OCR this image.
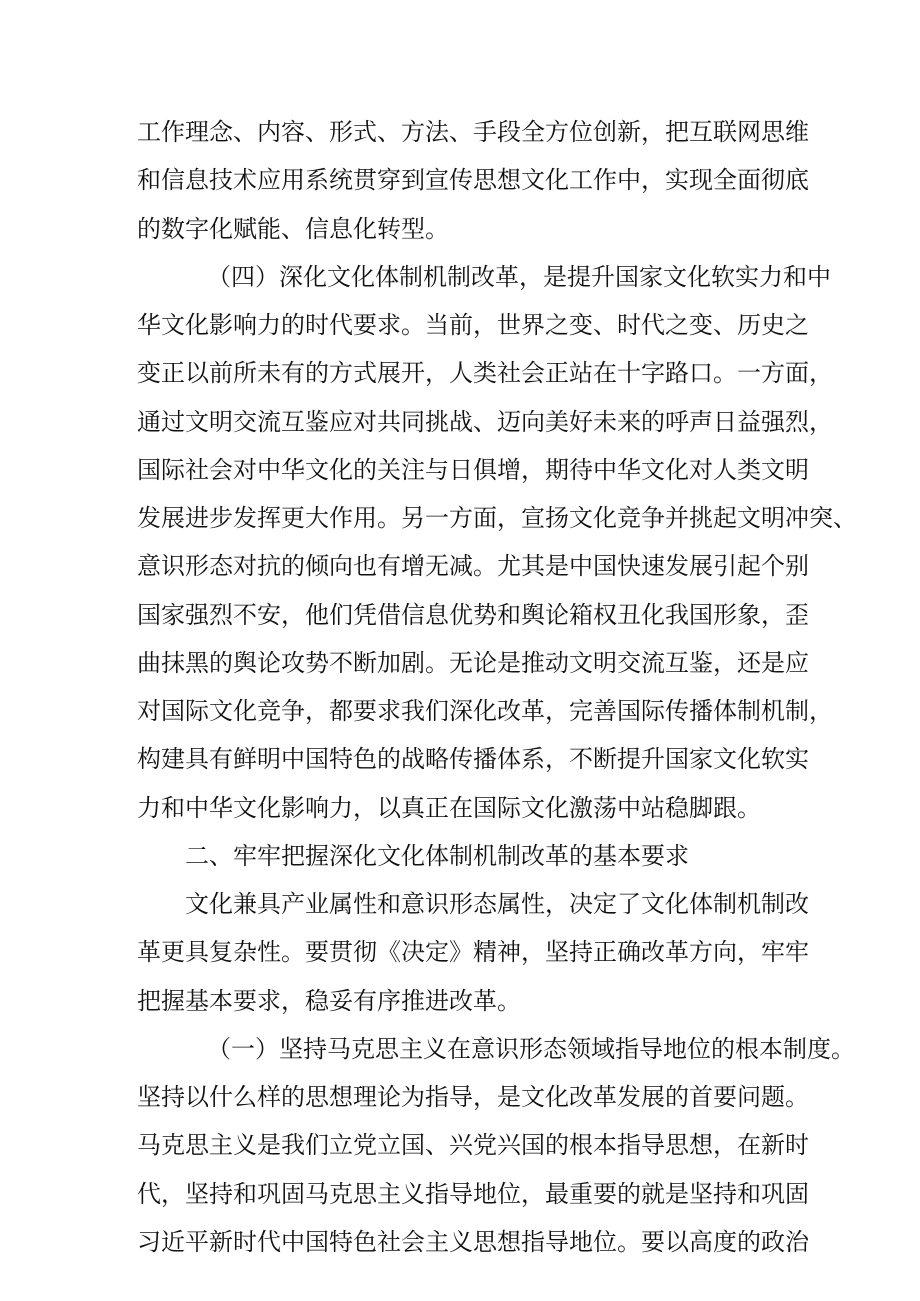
工作理念、内容、形式、方法、手段全方位创新，把互联网思维
和信息技术应用系统贯穿到宣传思想文化工作中，实现全面彻底
的数字化赋能、信息化转型。
（四）深化文化体制机制改革，是提升国家文化软实力和中
华文化影响力的时代要求。当前，世界之变、时代之变、历史之
变正以前所未有的方式展开，人类社会正站在十字路口。一方面，
通过文明交流互鉴应对共同挑战、迈向美好未来的呼声日益强烈，
国际社会对中华文化的关注与日俱增，期待中华文化对人类文明
发展进步发挥更大作用。另一方面，宣扬文化竞争并挑起文明冲突、
意识形态对抗的倾向也有增无减。尤其是中国快速发展引起个别
国家强烈不安，他们凭借信息优势和舆论箱权丑化我国形象，歪
曲抹黑的舆论攻势不断加剧。无论是推动文明交流互鉴，还是应
对国际文化竞争，都要求我们深化改革，完善国际传播体制机制，
构建具有鲜明中国特色的战略传播体系，不断提升国家文化软实
力和中华文化影响力，以真正在国际文化激荡中站稳脚跟。
二、牢牢把握深化文化体制机制改革的基本要求
文化兼具产业属性和意识形态属性，决定了文化体制机制改
革更具复杂性。要贯彻《决定》精神，坚持正确改革方向，牢牢
把握基本要求，稳妥有序推进改革。
（一）坚持马克思主义在意识形态领域指导地位的根本制度。
坚持以什么样的思想理论为指导，是文化改革发展的首要问题。
马克思主义是我们立党立国、兴党兴国的根本指导思想，在新时
代，坚持和巩固马克思主义指导地位，最重要的就是坚持和巩固
习近平新时代中国特色社会主义思想指导地位。要以高度的政治
